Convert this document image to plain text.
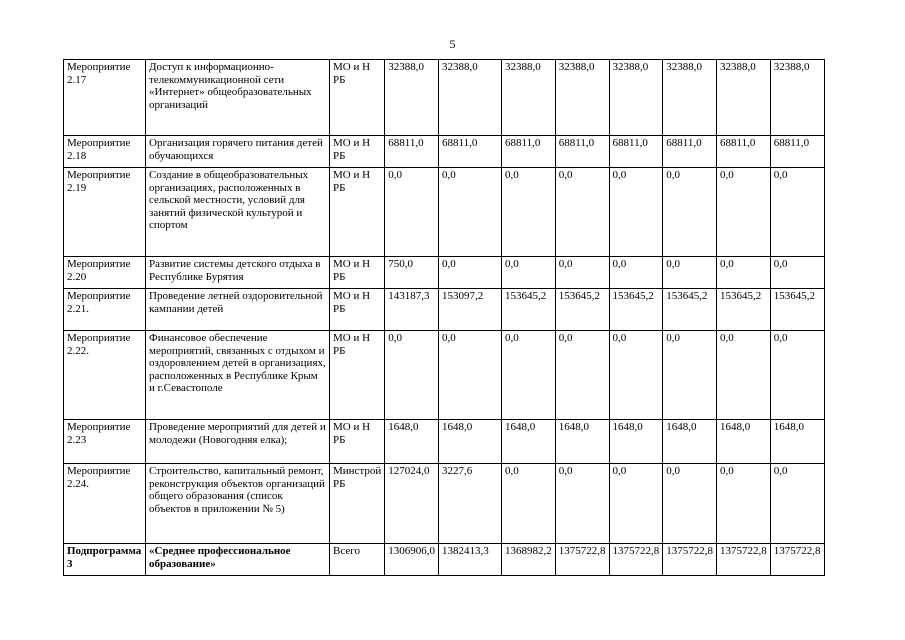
5
Мероприятие 2.17	Доступ к информационно-телекоммуникационной сети «Интернет» общеобразовательных организаций	МО и Н РБ	32388,0	32388,0	32388,0	32388,0	32388,0	32388,0	32388,0	32388,0
Мероприятие 2.18	Организация горячего питания детей обучающихся	МО и Н РБ	68811,0	68811,0	68811,0	68811,0	68811,0	68811,0	68811,0	68811,0
Мероприятие 2.19	Создание в общеобразовательных организациях, расположенных в сельской местности, условий для занятий физической культурой и спортом	МО и Н РБ	0,0	0,0	0,0	0,0	0,0	0,0	0,0	0,0
Мероприятие 2.20	Развитие системы детского отдыха в Республике Бурятия	МО и Н РБ	750,0	0,0	0,0	0,0	0,0	0,0	0,0	0,0
Мероприятие 2.21.	Проведение летней оздоровительной кампании детей	МО и Н РБ	143187,3	153097,2	153645,2	153645,2	153645,2	153645,2	153645,2	153645,2
Мероприятие 2.22.	Финансовое обеспечение мероприятий, связанных с отдыхом и оздоровлением детей в организациях, расположенных в Республике Крым и г.Севастополе	МО и Н РБ	0,0	0,0	0,0	0,0	0,0	0,0	0,0	0,0
Мероприятие 2.23	Проведение мероприятий для детей и молодежи (Новогодняя елка);	МО и Н РБ	1648,0	1648,0	1648,0	1648,0	1648,0	1648,0	1648,0	1648,0
Мероприятие 2.24.	Строительство, капитальный ремонт, реконструкция объектов организаций общего образования (список объектов в приложении № 5)	Минстрой РБ	127024,0	3227,6	0,0	0,0	0,0	0,0	0,0	0,0
Подпрограмма 3	«Среднее профессиональное образование»	Всего	1306906,0	1382413,3	1368982,2	1375722,8	1375722,8	1375722,8	1375722,8	1375722,8
